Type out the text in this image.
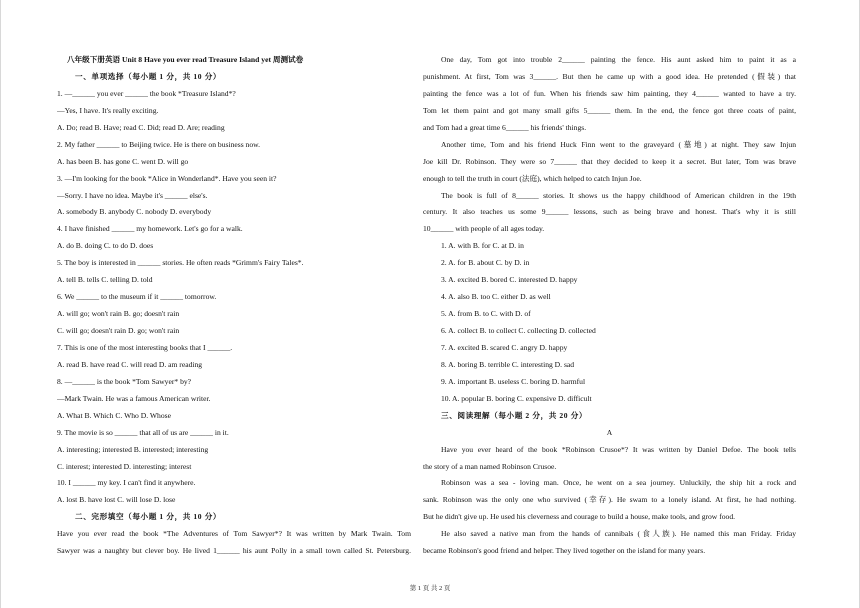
八年级下册英语 Unit 8 Have you ever read Treasure Island yet 周测试卷
一、单项选择（每小题 1 分，共 10 分）
1. —______ you ever ______ the book *Treasure Island*?
—Yes, I have. It's really exciting.
A. Do; read B. Have; read C. Did; read D. Are; reading
2. My father ______ to Beijing twice. He is there on business now.
A. has been B. has gone C. went D. will go
3. —I'm looking for the book *Alice in Wonderland*. Have you seen it?
—Sorry. I have no idea. Maybe it's ______ else's.
A. somebody B. anybody C. nobody D. everybody
4. I have finished ______ my homework. Let's go for a walk.
A. do B. doing C. to do D. does
5. The boy is interested in ______ stories. He often reads *Grimm's Fairy Tales*.
A. tell B. tells C. telling D. told
6. We ______ to the museum if it ______ tomorrow.
A. will go; won't rain B. go; doesn't rain
C. will go; doesn't rain D. go; won't rain
7. This is one of the most interesting books that I ______.
A. read B. have read C. will read D. am reading
8. —______ is the book *Tom Sawyer* by?
—Mark Twain. He was a famous American writer.
A. What B. Which C. Who D. Whose
9. The movie is so ______ that all of us are ______ in it.
A. interesting; interested B. interested; interesting
C. interest; interested D. interesting; interest
10. I ______ my key. I can't find it anywhere.
A. lost B. have lost C. will lose D. lose
二、完形填空（每小题 1 分，共 10 分）
Have you ever read the book *The Adventures of Tom Sawyer*? It was written by Mark Twain. Tom
Sawyer was a naughty but clever boy. He lived 1______ his aunt Polly in a small town called St. Petersburg.
One day, Tom got into trouble 2______ painting the fence. His aunt asked him to paint it as a
punishment. At first, Tom was 3______. But then he came up with a good idea. He pretended (假装) that
painting the fence was a lot of fun. When his friends saw him painting, they 4______ wanted to have a try.
Tom let them paint and got many small gifts 5______ them. In the end, the fence got three coats of paint,
and Tom had a great time 6______ his friends' things.
Another time, Tom and his friend Huck Finn went to the graveyard (墓地) at night. They saw Injun
Joe kill Dr. Robinson. They were so 7______ that they decided to keep it a secret. But later, Tom was brave
enough to tell the truth in court (法庭), which helped to catch Injun Joe.
The book is full of 8______ stories. It shows us the happy childhood of American children in the 19th
century. It also teaches us some 9______ lessons, such as being brave and honest. That's why it is still
10______ with people of all ages today.
1. A. with B. for C. at D. in
2. A. for B. about C. by D. in
3. A. excited B. bored C. interested D. happy
4. A. also B. too C. either D. as well
5. A. from B. to C. with D. of
6. A. collect B. to collect C. collecting D. collected
7. A. excited B. scared C. angry D. happy
8. A. boring B. terrible C. interesting D. sad
9. A. important B. useless C. boring D. harmful
10. A. popular B. boring C. expensive D. difficult
三、阅读理解（每小题 2 分，共 20 分）
A
Have you ever heard of the book *Robinson Crusoe*? It was written by Daniel Defoe. The book tells
the story of a man named Robinson Crusoe.
Robinson was a sea - loving man. Once, he went on a sea journey. Unluckily, the ship hit a rock and
sank. Robinson was the only one who survived (幸存). He swam to a lonely island. At first, he had nothing.
But he didn't give up. He used his cleverness and courage to build a house, make tools, and grow food.
He also saved a native man from the hands of cannibals (食人族). He named this man Friday. Friday
became Robinson's good friend and helper. They lived together on the island for many years.
第 1 页 共 2 页
